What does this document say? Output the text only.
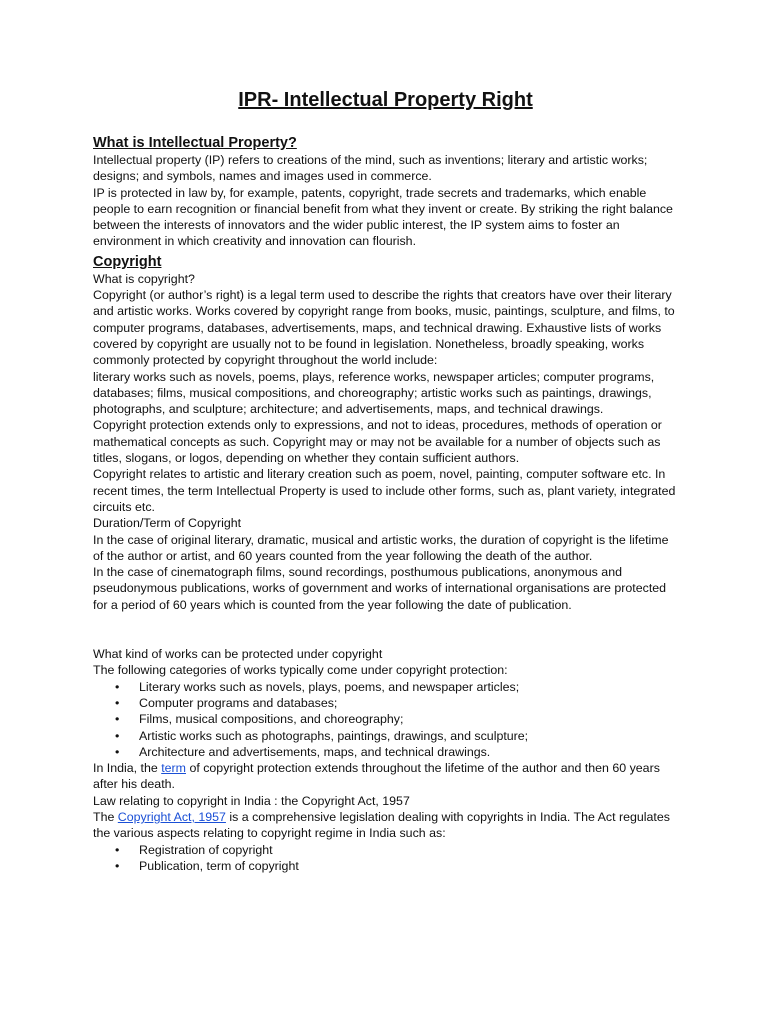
IPR- Intellectual Property Right
What is Intellectual Property?

Intellectual property (IP) refers to creations of the mind, such as inventions; literary and artistic works; designs; and symbols, names and images used in commerce.

IP is protected in law by, for example, patents, copyright, trade secrets and trademarks, which enable people to earn recognition or financial benefit from what they invent or create. By striking the right balance between the interests of innovators and the wider public interest, the IP system aims to foster an environment in which creativity and innovation can flourish.

Copyright

What is copyright?

Copyright (or author’s right) is a legal term used to describe the rights that creators have over their literary and artistic works. Works covered by copyright range from books, music, paintings, sculpture, and films, to computer programs, databases, advertisements, maps, and technical drawing. Exhaustive lists of works covered by copyright are usually not to be found in legislation. Nonetheless, broadly speaking, works commonly protected by copyright throughout the world include:

literary works such as novels, poems, plays, reference works, newspaper articles; computer programs, databases; films, musical compositions, and choreography; artistic works such as paintings, drawings, photographs, and sculpture; architecture; and advertisements, maps, and technical drawings.

Copyright protection extends only to expressions, and not to ideas, procedures, methods of operation or mathematical concepts as such. Copyright may or may not be available for a number of objects such as titles, slogans, or logos, depending on whether they contain sufficient authors.

Copyright relates to artistic and literary creation such as poem, novel, painting, computer software etc. In recent times, the term Intellectual Property is used to include other forms, such as, plant variety, integrated circuits etc.

Duration/Term of Copyright

In the case of original literary, dramatic, musical and artistic works, the duration of copyright is the lifetime of the author or artist, and 60 years counted from the year following the death of the author.

In the case of cinematograph films, sound recordings, posthumous publications, anonymous and pseudonymous publications, works of government and works of international organisations are protected for a period of 60 years which is counted from the year following the date of publication.

What kind of works can be protected under copyright

The following categories of works typically come under copyright protection:

• Literary works such as novels, plays, poems, and newspaper articles;
• Computer programs and databases;
• Films, musical compositions, and choreography;
• Artistic works such as photographs, paintings, drawings, and sculpture;
• Architecture and advertisements, maps, and technical drawings.

In India, the term of copyright protection extends throughout the lifetime of the author and then 60 years after his death.

Law relating to copyright in India : the Copyright Act, 1957

The Copyright Act, 1957 is a comprehensive legislation dealing with copyrights in India. The Act regulates the various aspects relating to copyright regime in India such as:

• Registration of copyright
• Publication, term of copyright
